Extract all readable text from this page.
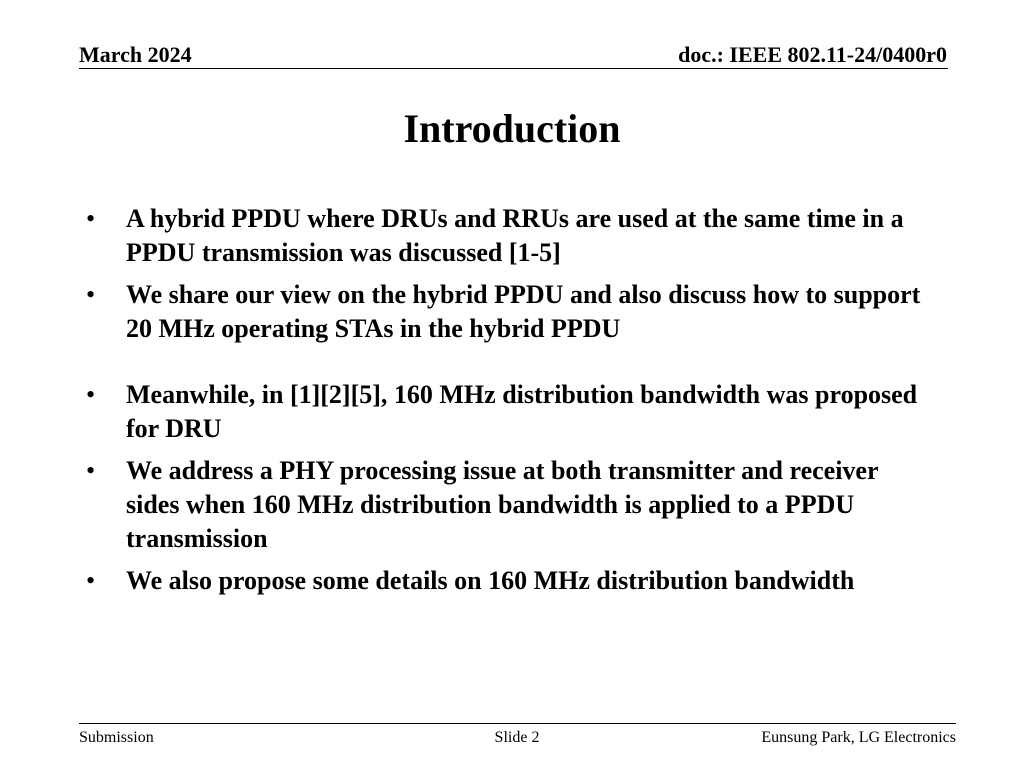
March 2024	doc.: IEEE 802.11-24/0400r0
Introduction
• A hybrid PPDU where DRUs and RRUs are used at the same time in a PPDU transmission was discussed [1-5]
• We share our view on the hybrid PPDU and also discuss how to support 20 MHz operating STAs in the hybrid PPDU
• Meanwhile, in [1][2][5], 160 MHz distribution bandwidth was proposed for DRU
• We address a PHY processing issue at both transmitter and receiver sides when 160 MHz distribution bandwidth is applied to a PPDU transmission
• We also propose some details on 160 MHz distribution bandwidth
Submission	Slide 2	Eunsung Park, LG Electronics
